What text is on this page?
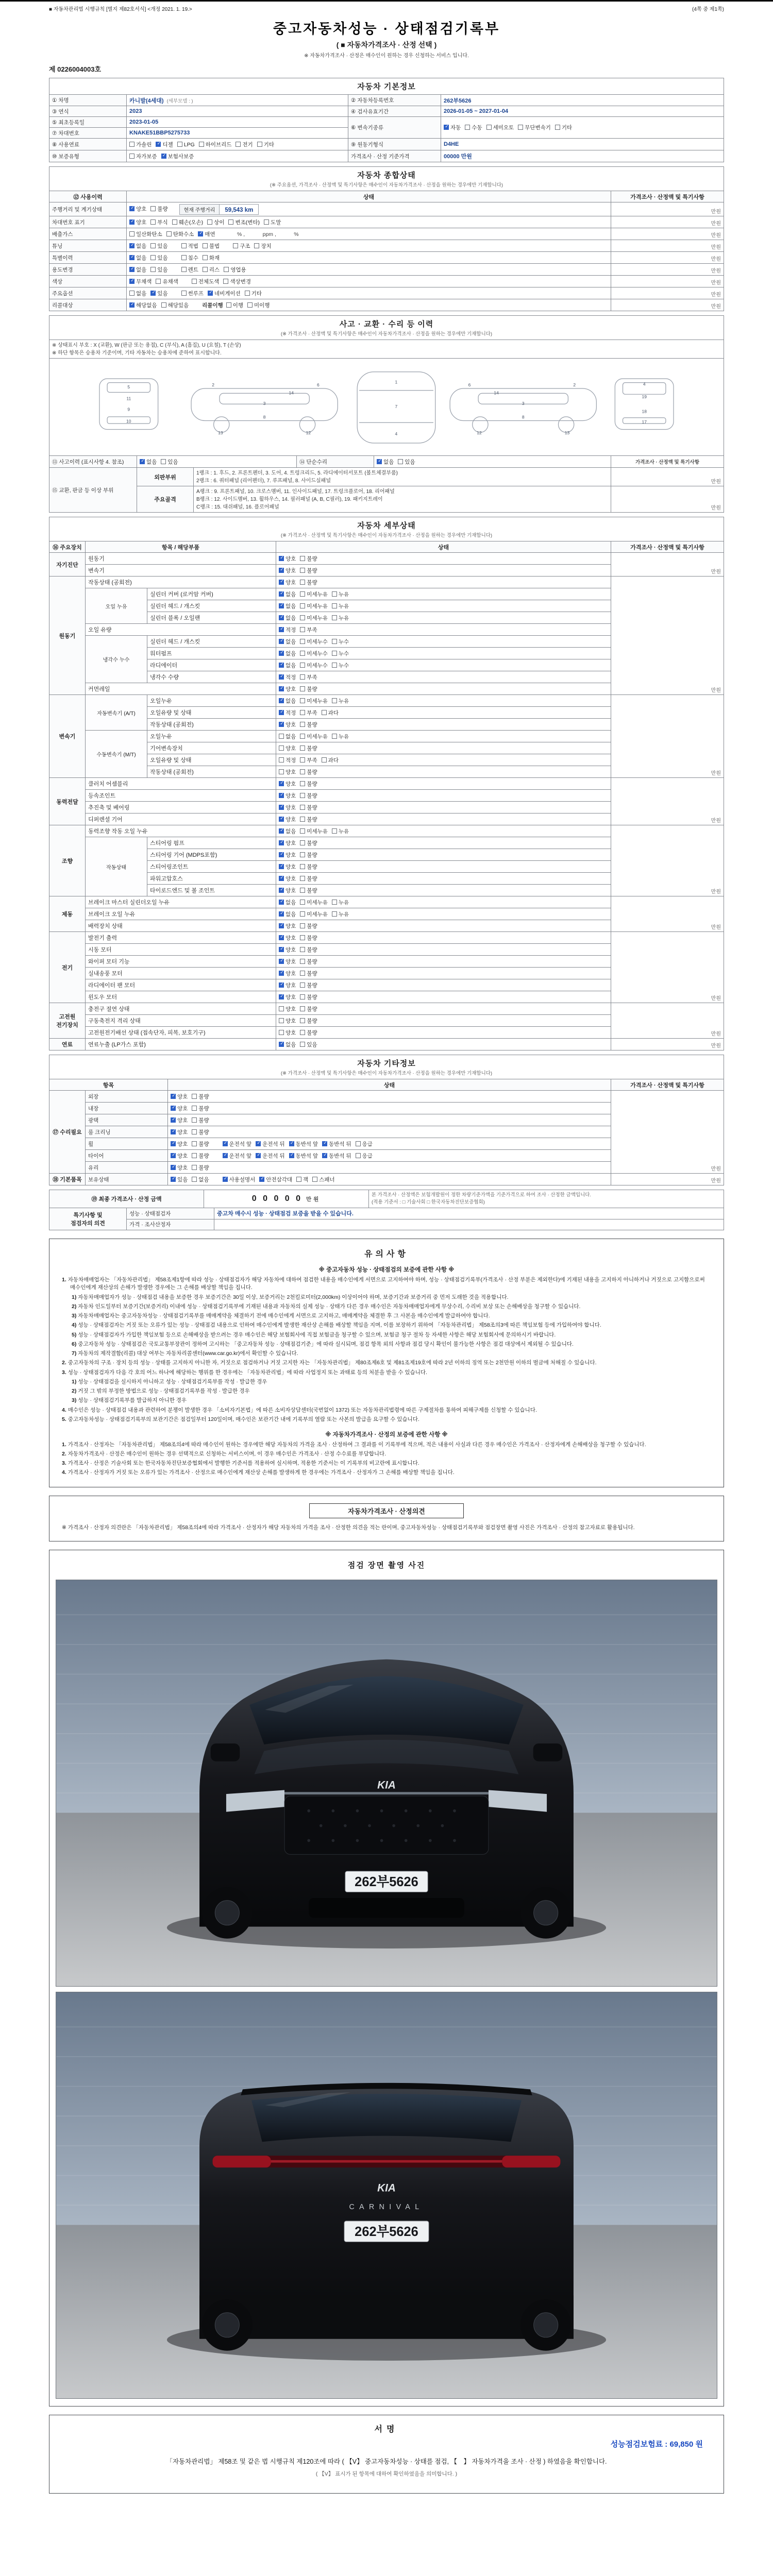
■ 자동차관리법 시행규칙 [별지 제82호서식] <개정 2021. 1. 19.>	(4쪽 중 제1쪽)
중고자동차성능 · 상태점검기록부
( ■ 자동차가격조사 · 산정 선택 )
※ 자동차가격조사 · 산정은 매수인이 원하는 경우 신청하는 서비스 입니다.
제 0226004003호
자동차 기본정보			

① 차명	카니발(4세대) (세부모델 : )	② 자동차등록번호	262부5626
③ 연식	2023	④ 검사유효기간	2026-01-05 ~ 2027-01-04
⑤ 최초등록일	2023-01-05	⑥ 변속기종류	✓자동 수동 세미오토 무단변속기 기타
⑦ 차대번호	KNAKE51BBP5275733		
⑧ 사용연료	가솔린 ✓ 디젤 LPG 하이브리드 전기 기타	⑨ 원동기형식	D4HE
⑩ 보증유형	자가보증 ✓ 보험사보증	가격조사 · 산정 기준가격	00000 만원
자동차 종합상태
(※ 주요옵션, 가격조사 · 산정액 및 특기사항은 매수인이 자동차가격조사 · 산정을 원하는 경우에만 기재합니다)		

⑫ 사용이력	상태	가격조사 · 산정액 및 특기사항
주행거리 및 계기상태	✓양호 불량 현재 주행거리 59,543 km	만원
차대번호 표기	✓양호 부식 훼손(오손) 상이 변조(변타) 도말	만원
배출가스	일산화탄소 탄화수소 ✓ 매연　　　 % ,　　　 ppm ,　　　 %	만원
튜닝	✓없음 있음　 적법 불법　 구조 장치	만원
특별이력	✓없음 있음　 침수 화재	만원
용도변경	✓없음 있음　 렌트 리스 영업용	만원
색상	✓무채색 유채색　 전체도색 색상변경	만원
주요옵션	없음 ✓ 있음　 썬루프 ✓ 네비게이션 기타	만원
리콜대상	✓해당없음 해당있음　 리콜이행 이행 미이행	만원
사고 · 교환 · 수리 등 이력
(※ 가격조사 · 산정액 및 특기사항은 매수인이 자동차가격조사 · 산정을 원하는 경우에만 기재합니다)

※ 상태표시 부호 : X (교환), W (판금 또는 용접), C (부식), A (흠집), U (요철), T (손상)
※ 하단 항목은 승용차 기준이며, 기타 자동차는 승용차에 준하여 표시합니다.

5
11
9
10
2
3
6
8
13
14
12
1
7
4
2
3
6
8
13
14
12
4
19
18
17

⑬ 사고이력 (표시사항 4. 참조)	✓없음 있음	⑭ 단순수리	✓없음 있음	가격조사 · 산정액 및 특기사항
⑮ 교환, 판금 등 이상 부위	외판부위	1랭크 : 1. 후드, 2. 프론트펜더, 3. 도어, 4. 트렁크리드, 5. 라디에이터서포트 (볼트체결부품)
2랭크 : 6. 쿼터패널 (리어펜더), 7. 루프패널, 8. 사이드실패널	만원
	주요골격	A랭크 : 9. 프론트패널, 10. 크로스멤버, 11. 인사이드패널, 17. 트렁크플로어, 18. 리어패널
B랭크 : 12. 사이드멤버, 13. 휠하우스, 14. 필러패널 (A, B, C필러), 19. 패키지트레이
C랭크 : 15. 대쉬패널, 16. 플로어패널	만원
자동차 세부상태
(※ 가격조사 · 산정액 및 특기사항은 매수인이 자동차가격조사 · 산정을 원하는 경우에만 기재합니다)				

⑯ 주요장치	항목 / 해당부품		상태	가격조사 · 산정액 및 특기사항
자기진단	원동기	✓양호 불량	만원
	변속기	✓양호 불량
원동기	작동상태 (공회전)	✓양호 불량	만원
	오일 누유	실린더 커버 (로커암 커버)	✓없음 미세누유 누유
		실린더 헤드 / 개스킷	✓없음 미세누유 누유
		실린더 블록 / 오일팬	✓없음 미세누유 누유
	오일 유량	✓적정 부족
	냉각수 누수	실린더 헤드 / 개스킷	✓없음 미세누수 누수
		워터펌프	✓없음 미세누수 누수
		라디에이터	✓없음 미세누수 누수
		냉각수 수량	✓적정 부족
	커먼레일	✓양호 불량
변속기	자동변속기 (A/T)	오일누유	✓없음 미세누유 누유	만원
		오일유량 및 상태	✓적정 부족 과다
		작동상태 (공회전)	✓양호 불량
	수동변속기 (M/T)	오일누유	없음 미세누유 누유	
		기어변속장치	양호 불량	
		오일유량 및 상태	적정 부족 과다	
		작동상태 (공회전)	양호 불량	
동력전달	클러치 어셈블리	✓양호 불량	만원
	등속조인트	✓양호 불량
	추진축 및 베어링	✓양호 불량
	디퍼렌셜 기어	✓양호 불량
조향	동력조향 작동 오일 누유	✓없음 미세누유 누유	만원
	작동상태	스티어링 펌프	✓양호 불량
		스티어링 기어 (MDPS포함)	✓양호 불량
		스티어링조인트	✓양호 불량
		파워고압호스	✓양호 불량
		타이로드엔드 및 볼 조인트	✓양호 불량
제동	브레이크 마스터 실린더오일 누유	✓없음 미세누유 누유	만원
	브레이크 오일 누유	✓없음 미세누유 누유
	배력장치 상태	✓양호 불량
전기	발전기 출력	✓양호 불량	만원
	시동 모터	✓양호 불량
	와이퍼 모터 기능	✓양호 불량
	실내송풍 모터	✓양호 불량
	라디에이터 팬 모터	✓양호 불량
	윈도우 모터	✓양호 불량
고전원 전기장치	충전구 절연 상태		양호 불량	만원
	구동축전지 격리 상태		양호 불량	
	고전원전기배선 상태 (접속단자, 피복, 보호기구)		양호 불량	
연료	연료누출 (LP가스 포함)	✓없음 있음	만원
자동차 기타정보
(※ 가격조사 · 산정액 및 특기사항은 매수인이 자동차가격조사 · 산정을 원하는 경우에만 기재합니다)			

항목		상태	가격조사 · 산정액 및 특기사항
⑰ 수리필요	외장	✓양호 불량	만원
	내장	✓양호 불량
	광택	✓양호 불량
	룸 크리닝	✓양호 불량
	휠	✓양호 불량　 ✓ 운전석 앞 ✓ 운전석 뒤 ✓ 동반석 앞 ✓ 동반석 뒤 응급
	타이어	✓양호 불량　 ✓ 운전석 앞 ✓ 운전석 뒤 ✓ 동반석 앞 ✓ 동반석 뒤 응급
	유리	✓양호 불량
⑱ 기본품목	보유상태	✓있음 없음　 ✓ 사용설명서 ✓ 안전삼각대 잭 스패너	만원
⑲ 최종 가격조사 · 산정 금액	0 0 0 0 0 만원	
본 가격조사 · 산정액은 보험개발원이 정한 차량기준가액을 기준가격으로 하여 조사 · 산정한 금액입니다.
(적용 기준서 : □ 기술사회 □ 한국자동차진단보증협회)
특기사항 및
점검자의 의견	성능 · 상태점검자	중고차 매수시 성능 · 상태점검 보증을 받을 수 있습니다.
	가격 · 조사산정자	
유의사항
※ 중고자동차 성능 · 상태점검의 보증에 관한 사항 ※
1. 자동차매매업자는 「자동차관리법」 제58조제1항에 따라 성능 · 상태점검자가 해당 자동차에 대하여 점검한 내용을 매수인에게 서면으로 고지하여야 하며, 성능 · 상태점검기록부(가격조사 · 산정 부분은 제외한다)에 기재된 내용을 고지하지 아니하거나 거짓으로 고지함으로써 매수인에게 재산상의 손해가 발생한 경우에는 그 손해를 배상할 책임을 집니다.
1) 자동차매매업자가 성능 · 상태점검 내용을 보증한 경우 보증기간은 30일 이상, 보증거리는 2천킬로미터(2,000km) 이상이어야 하며, 보증기간과 보증거리 중 먼저 도래한 것을 적용합니다.
2) 자동차 인도일부터 보증기간(보증거리) 이내에 성능 · 상태점검기록부에 기재된 내용과 자동차의 실제 성능 · 상태가 다른 경우 매수인은 자동차매매업자에게 무상수리, 수리비 보상 또는 손해배상을 청구할 수 있습니다.
3) 자동차매매업자는 중고자동차성능 · 상태점검기록부를 매매계약을 체결하기 전에 매수인에게 서면으로 고지하고, 매매계약을 체결한 후 그 사본을 매수인에게 발급하여야 합니다.
4) 성능 · 상태점검자는 거짓 또는 오류가 있는 성능 · 상태점검 내용으로 인하여 매수인에게 발생한 재산상 손해를 배상할 책임을 지며, 이를 보장하기 위하여 「자동차관리법」 제58조의3에 따른 책임보험 등에 가입하여야 합니다.
5) 성능 · 상태점검자가 가입한 책임보험 등으로 손해배상을 받으려는 경우 매수인은 해당 보험회사에 직접 보험금을 청구할 수 있으며, 보험금 청구 절차 등 자세한 사항은 해당 보험회사에 문의하시기 바랍니다.
6) 중고자동차 성능 · 상태점검은 국토교통부장관이 정하여 고시하는 「중고자동차 성능 · 상태점검기준」에 따라 실시되며, 점검 항목 외의 사항과 점검 당시 확인이 불가능한 사항은 점검 대상에서 제외될 수 있습니다.
7) 자동차의 제작결함(리콜) 대상 여부는 자동차리콜센터(www.car.go.kr)에서 확인할 수 있습니다.
2. 중고자동차의 구조 · 장치 등의 성능 · 상태를 고지하지 아니한 자, 거짓으로 점검하거나 거짓 고지한 자는 「자동차관리법」 제80조제6호 및 제81조제19호에 따라 2년 이하의 징역 또는 2천만원 이하의 벌금에 처해질 수 있습니다.
3. 성능 · 상태점검자가 다음 각 호의 어느 하나에 해당하는 행위를 한 경우에는 「자동차관리법」에 따라 사업정지 또는 과태료 등의 처분을 받을 수 있습니다.
1) 성능 · 상태점검을 실시하지 아니하고 성능 · 상태점검기록부를 작성 · 발급한 경우
2) 거짓 그 밖의 부정한 방법으로 성능 · 상태점검기록부를 작성 · 발급한 경우
3) 성능 · 상태점검기록부를 발급하지 아니한 경우
4. 매수인은 성능 · 상태점검 내용과 관련하여 분쟁이 발생한 경우 「소비자기본법」에 따른 소비자상담센터(국번없이 1372) 또는 자동차관리법령에 따른 구제절차를 통하여 피해구제를 신청할 수 있습니다.
5. 중고자동차성능 · 상태점검기록부의 보관기간은 점검일부터 120일이며, 매수인은 보관기간 내에 기록부의 열람 또는 사본의 발급을 요구할 수 있습니다.
※ 자동차가격조사 · 산정의 보증에 관한 사항 ※
1. 가격조사 · 산정자는 「자동차관리법」 제58조의4에 따라 매수인이 원하는 경우에만 해당 자동차의 가격을 조사 · 산정하여 그 결과를 이 기록부에 적으며, 적은 내용이 사실과 다른 경우 매수인은 가격조사 · 산정자에게 손해배상을 청구할 수 있습니다.
2. 자동차가격조사 · 산정은 매수인이 원하는 경우 선택적으로 신청하는 서비스이며, 이 경우 매수인은 가격조사 · 산정 수수료를 부담합니다.
3. 가격조사 · 산정은 기술사회 또는 한국자동차진단보증협회에서 발행한 기준서를 적용하여 실시하며, 적용한 기준서는 이 기록부의 비고란에 표시합니다.
4. 가격조사 · 산정자가 거짓 또는 오류가 있는 가격조사 · 산정으로 매수인에게 재산상 손해를 발생하게 한 경우에는 가격조사 · 산정자가 그 손해를 배상할 책임을 집니다.
자동차가격조사 · 산정의견
※ 가격조사 · 산정자 의견란은 「자동차관리법」 제58조의4에 따라 가격조사 · 산정자가 해당 자동차의 가격을 조사 · 산정한 의견을 적는 란이며, 중고자동차성능 · 상태점검기록부와 점검장면 촬영 사진은 가격조사 · 산정의 참고자료로 활용됩니다.
점검 장면 촬영 사진
KIA
262부5626
KIA
CARNIVAL
262부5626
서명
성능점검보험료 : 69,850 원
「자동차관리법」 제58조 및 같은 법 시행규칙 제120조에 따라 ( 【V】 중고자동차성능 · 상태를 점검, 【　】 자동차가격을 조사 · 산정 ) 하였음을 확인합니다.
( 【V】 표시가 된 항목에 대하여 확인하였음을 의미합니다. )
